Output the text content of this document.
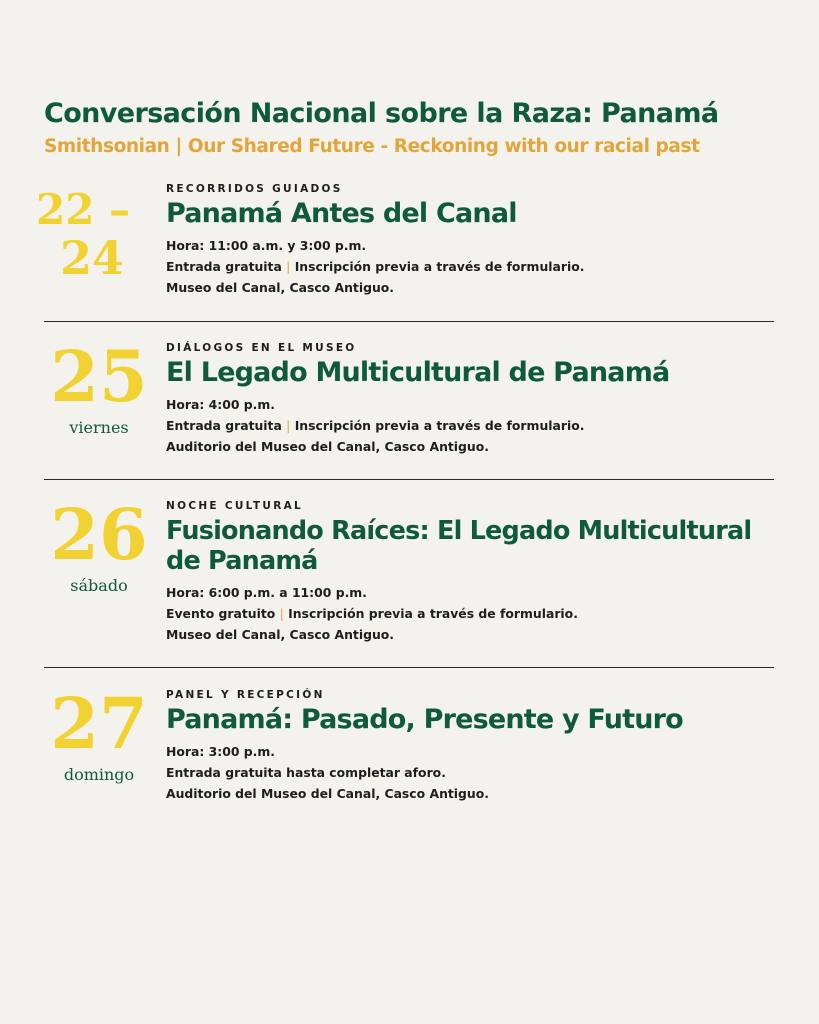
Conversación Nacional sobre la Raza: Panamá
Smithsonian | Our Shared Future - Reckoning with our racial past
22 –
24
RECORRIDOS GUIADOS
Panamá Antes del Canal
Hora: 11:00 a.m. y 3:00 p.m.
Entrada gratuita | Inscripción previa a través de formulario.
Museo del Canal, Casco Antiguo.
25
viernes
DIÁLOGOS EN EL MUSEO
El Legado Multicultural de Panamá
Hora: 4:00 p.m.
Entrada gratuita | Inscripción previa a través de formulario.
Auditorio del Museo del Canal, Casco Antiguo.
26
sábado
NOCHE CULTURAL
Fusionando Raíces: El Legado Multicultural
de Panamá
Hora: 6:00 p.m. a 11:00 p.m.
Evento gratuito | Inscripción previa a través de formulario.
Museo del Canal, Casco Antiguo.
27
domingo
PANEL Y RECEPCIÓN
Panamá: Pasado, Presente y Futuro
Hora: 3:00 p.m.
Entrada gratuita hasta completar aforo.
Auditorio del Museo del Canal, Casco Antiguo.
